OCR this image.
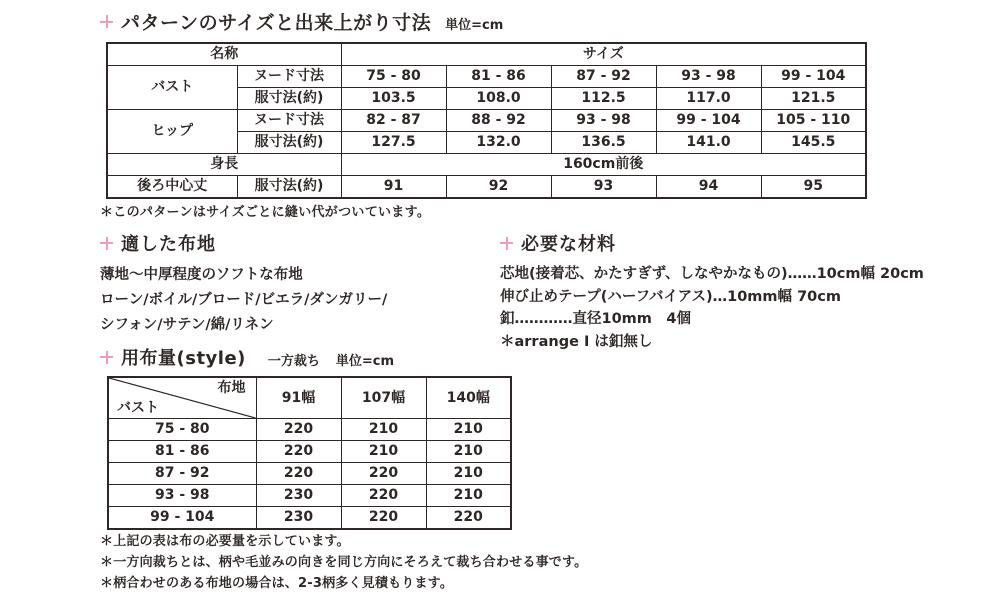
パターンのサイズと出来上がり寸法 単位=cm
名称		サイズ				
バスト	ヌード寸法	75 - 80	81 - 86	87 - 92	93 - 98	99 - 104
	服寸法(約)	103.5	108.0	112.5	117.0	121.5
ヒップ	ヌード寸法	82 - 87	88 - 92	93 - 98	99 - 104	105 - 110
	服寸法(約)	127.5	132.0	136.5	141.0	145.5
身長		160cm前後				
後ろ中心丈	服寸法(約)	91	92	93	94	95
＊このパターンはサイズごとに縫い代がついています。
適した布地
薄地～中厚程度のソフトな布地
ローン/ボイル/ブロード/ビエラ/ダンガリー/
シフォン/サテン/綿/リネン
必要な材料
芯地(接着芯、かたすぎず、しなやかなもの)……10cm幅 20cm
伸び止めテープ(ハーフバイアス)…10mm幅 70cm
釦…………直径10mm　4個
＊arrange I は釦無し
用布量(style) 一方裁ち 単位=cm
布地
バスト	91幅	107幅	140幅
75 - 80	220	210	210
81 - 86	220	210	210
87 - 92	220	220	210
93 - 98	230	220	210
99 - 104	230	220	220
＊上記の表は布の必要量を示しています。
＊一方向裁ちとは、柄や毛並みの向きを同じ方向にそろえて裁ち合わせる事です。
＊柄合わせのある布地の場合は、2-3柄多く見積もります。
